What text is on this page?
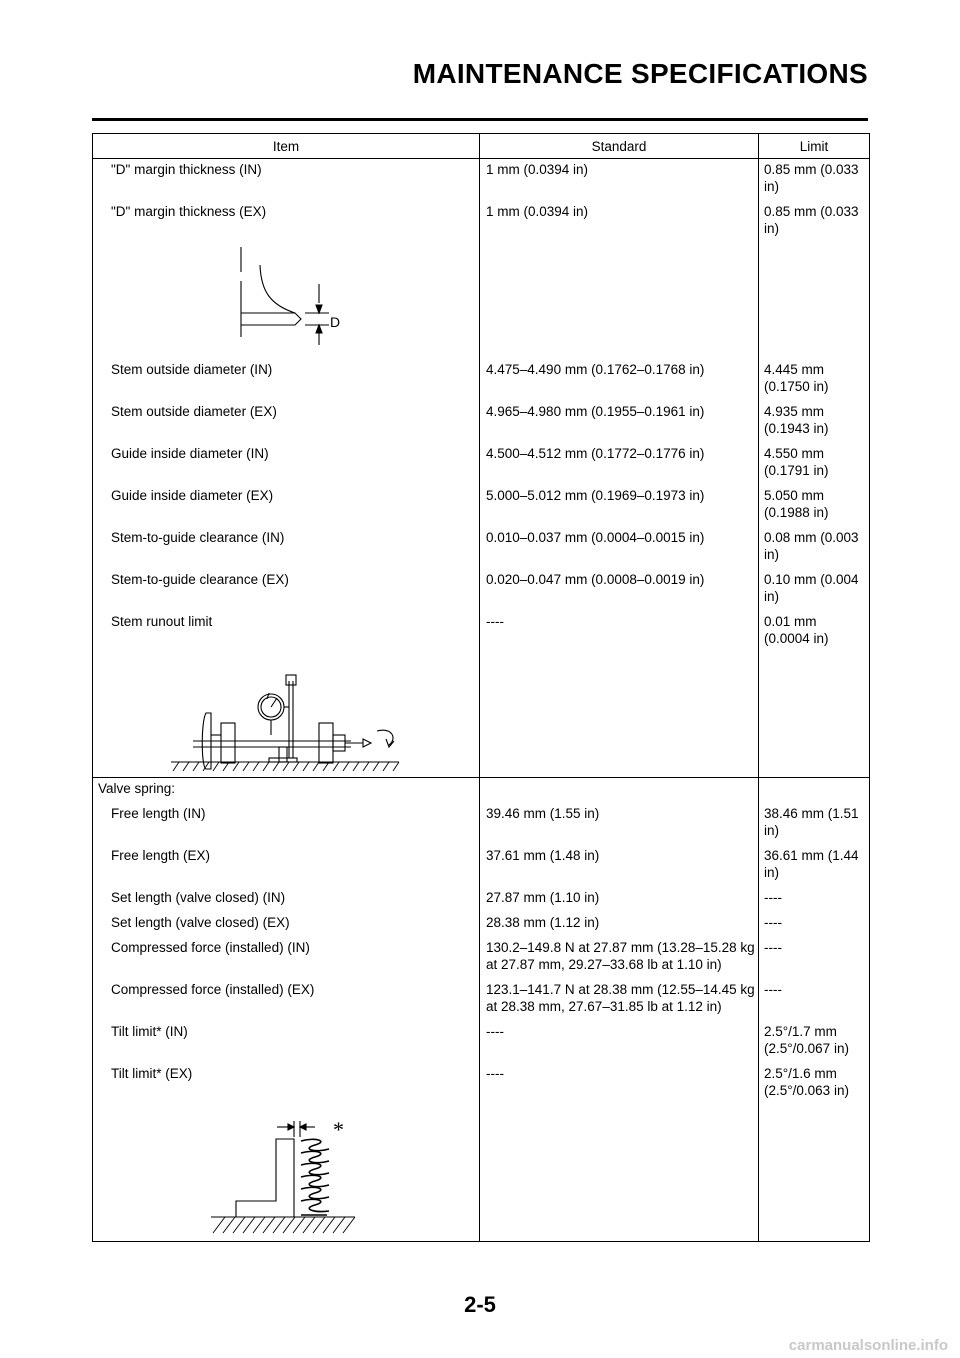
MAINTENANCE SPECIFICATIONS
Item	Standard	Limit
"D" margin thickness (IN)	1 mm (0.0394 in)	0.85 mm (0.033 in)
"D" margin thickness (EX)	1 mm (0.0394 in)	0.85 mm (0.033 in)

D		

Stem outside diameter (IN)	4.475–4.490 mm (0.1762–0.1768 in)	4.445 mm (0.1750 in)
Stem outside diameter (EX)	4.965–4.980 mm (0.1955–0.1961 in)	4.935 mm (0.1943 in)
Guide inside diameter (IN)	4.500–4.512 mm (0.1772–0.1776 in)	4.550 mm (0.1791 in)
Guide inside diameter (EX)	5.000–5.012 mm (0.1969–0.1973 in)	5.050 mm (0.1988 in)
Stem-to-guide clearance (IN)	0.010–0.037 mm (0.0004–0.0015 in)	0.08 mm (0.003 in)
Stem-to-guide clearance (EX)	0.020–0.047 mm (0.0008–0.0019 in)	0.10 mm (0.004 in)
Stem runout limit	----	0.01 mm (0.0004 in)

Valve spring:		
Free length (IN)	39.46 mm (1.55 in)	38.46 mm (1.51 in)
Free length (EX)	37.61 mm (1.48 in)	36.61 mm (1.44 in)
Set length (valve closed) (IN)	27.87 mm (1.10 in)	----
Set length (valve closed) (EX)	28.38 mm (1.12 in)	----
Compressed force (installed) (IN)	130.2–149.8 N at 27.87 mm (13.28–15.28 kg at 27.87 mm, 29.27–33.68 lb at 1.10 in)	----
Compressed force (installed) (EX)	123.1–141.7 N at 28.38 mm (12.55–14.45 kg at 28.38 mm, 27.67–31.85 lb at 1.12 in)	----
Tilt limit* (IN)	----	2.5°/1.7 mm (2.5°/0.067 in)
Tilt limit* (EX)	----	2.5°/1.6 mm (2.5°/0.063 in)

*		

2-5
carmanualsonline.info
